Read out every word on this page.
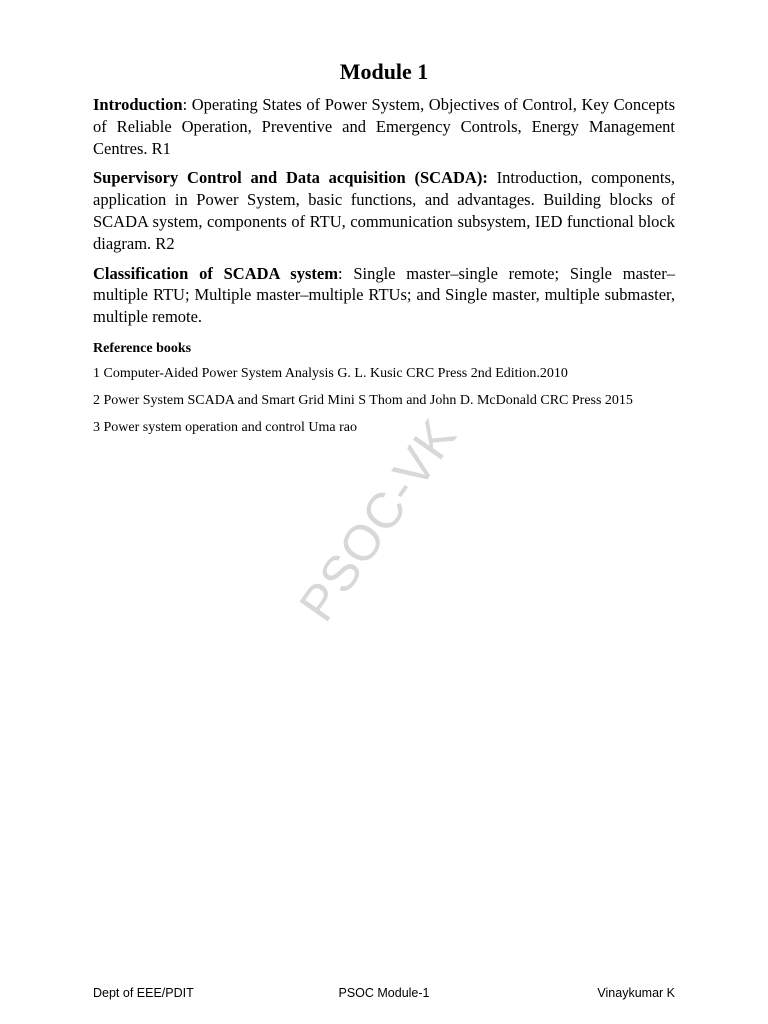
Module 1

Introduction: Operating States of Power System, Objectives of Control, Key Concepts of Reliable Operation, Preventive and Emergency Controls, Energy Management Centres. R1

Supervisory Control and Data acquisition (SCADA): Introduction, components, application in Power System, basic functions, and advantages. Building blocks of SCADA system, components of RTU, communication subsystem, IED functional block diagram. R2

Classification of SCADA system: Single master–single remote; Single master–multiple RTU; Multiple master–multiple RTUs; and Single master, multiple submaster, multiple remote.

Reference books
1 Computer-Aided Power System Analysis G. L. Kusic CRC Press 2nd Edition.2010
2 Power System SCADA and Smart Grid Mini S Thom and John D. McDonald CRC Press 2015
3 Power system operation and control Uma rao
PSOC-VK
PSOC Module-1
Dept of EEE/PDIT	Vinaykumar K
